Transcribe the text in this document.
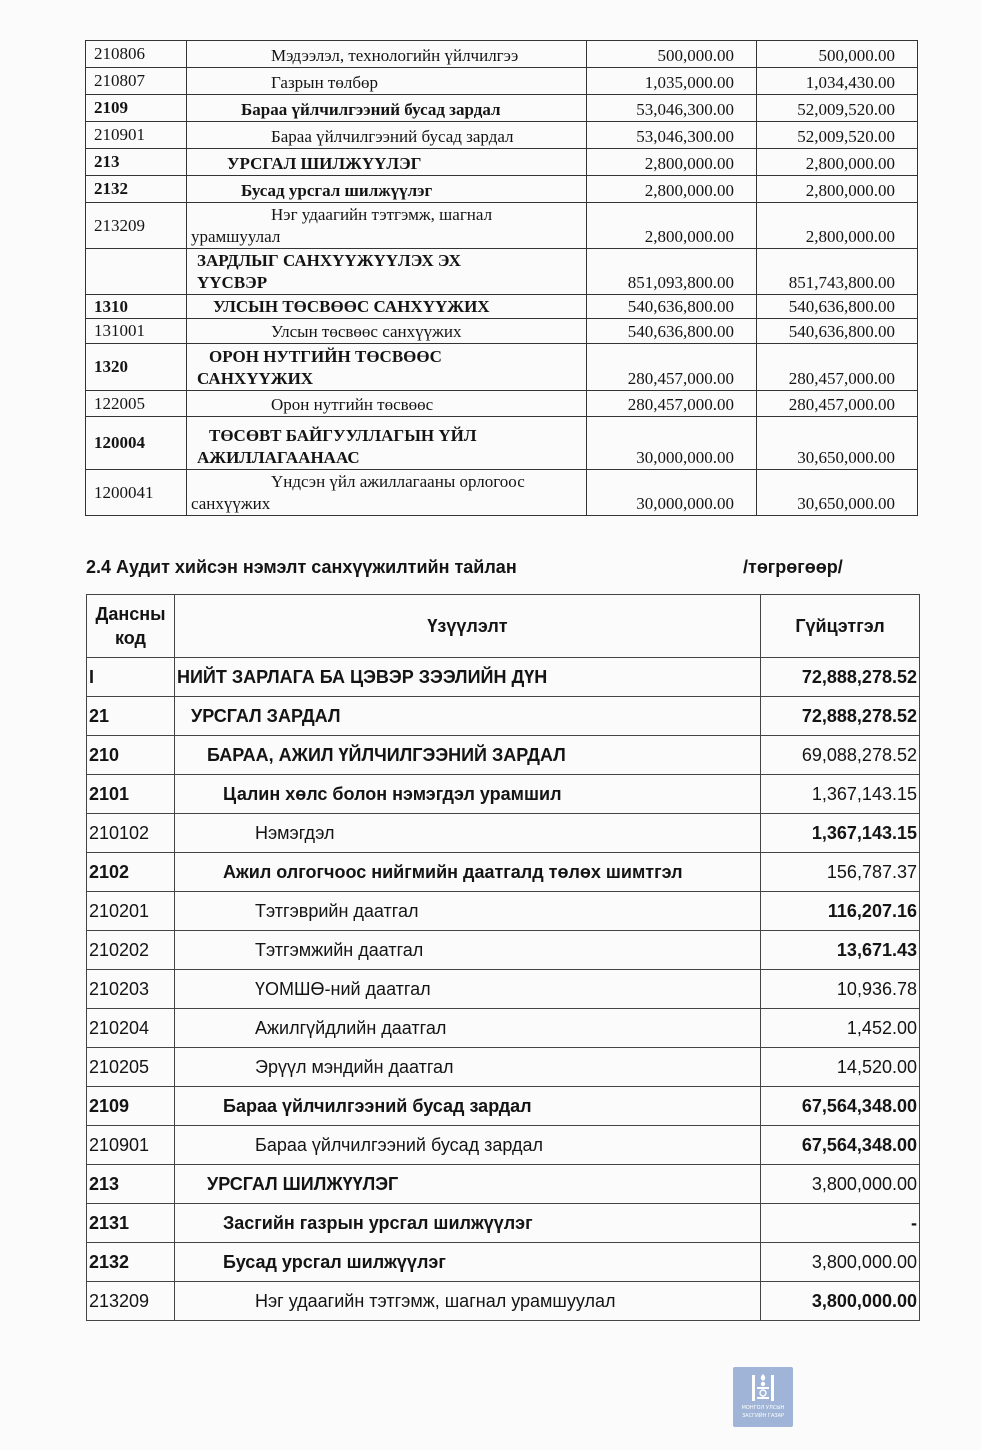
210806	Мэдээлэл, технологийн үйлчилгээ	500,000.00	500,000.00
210807	Газрын төлбөр	1,035,000.00	1,034,430.00
2109	Бараа үйлчилгээний бусад зардал	53,046,300.00	52,009,520.00
210901	Бараа үйлчилгээний бусад зардал	53,046,300.00	52,009,520.00
213	УРСГАЛ ШИЛЖҮҮЛЭГ	2,800,000.00	2,800,000.00
2132	Бусад урсгал шилжүүлэг	2,800,000.00	2,800,000.00
213209	Нэг удаагийн тэтгэмж, шагнал
урамшуулал	2,800,000.00	2,800,000.00

	ЗАРДЛЫГ САНХҮҮЖҮҮЛЭХ ЭХ
ҮҮСВЭР	851,093,800.00	851,743,800.00
1310	УЛСЫН ТӨСВӨӨС САНХҮҮЖИХ	540,636,800.00	540,636,800.00
131001	Улсын төсвөөс санхүүжих	540,636,800.00	540,636,800.00
1320	ОРОН НУТГИЙН ТӨСВӨӨС
САНХҮҮЖИХ	280,457,000.00	280,457,000.00
122005	Орон нутгийн төсвөөс	280,457,000.00	280,457,000.00
120004	ТӨСӨВТ БАЙГУУЛЛАГЫН ҮЙЛ
АЖИЛЛАГААНААС	30,000,000.00	30,650,000.00
1200041	Үндсэн үйл ажиллагааны орлогоос
санхүүжих	30,000,000.00	30,650,000.00
2.4 Аудит хийсэн нэмэлт санхүүжилтийн тайлан	/төгрөгөөр/
Дансны
код	Үзүүлэлт	Гүйцэтгэл
I	НИЙТ ЗАРЛАГА БА ЦЭВЭР ЗЭЭЛИЙН ДҮН	72,888,278.52
21	УРСГАЛ ЗАРДАЛ	72,888,278.52
210	БАРАА, АЖИЛ ҮЙЛЧИЛГЭЭНИЙ ЗАРДАЛ	69,088,278.52
2101	Цалин хөлс болон нэмэгдэл урамшил	1,367,143.15
210102	Нэмэгдэл	1,367,143.15
2102	Ажил олгогчоос нийгмийн даатгалд төлөх шимтгэл	156,787.37
210201	Тэтгэврийн даатгал	116,207.16
210202	Тэтгэмжийн даатгал	13,671.43
210203	ҮОМШӨ-ний даатгал	10,936.78
210204	Ажилгүйдлийн даатгал	1,452.00
210205	Эрүүл мэндийн даатгал	14,520.00
2109	Бараа үйлчилгээний бусад зардал	67,564,348.00
210901	Бараа үйлчилгээний бусад зардал	67,564,348.00
213	УРСГАЛ ШИЛЖҮҮЛЭГ	3,800,000.00
2131	Засгийн газрын урсгал шилжүүлэг	-
2132	Бусад урсгал шилжүүлэг	3,800,000.00
213209	Нэг удаагийн тэтгэмж, шагнал урамшуулал	3,800,000.00
МОНГОЛ УЛСЫН
ЗАСГИЙН ГАЗАР
